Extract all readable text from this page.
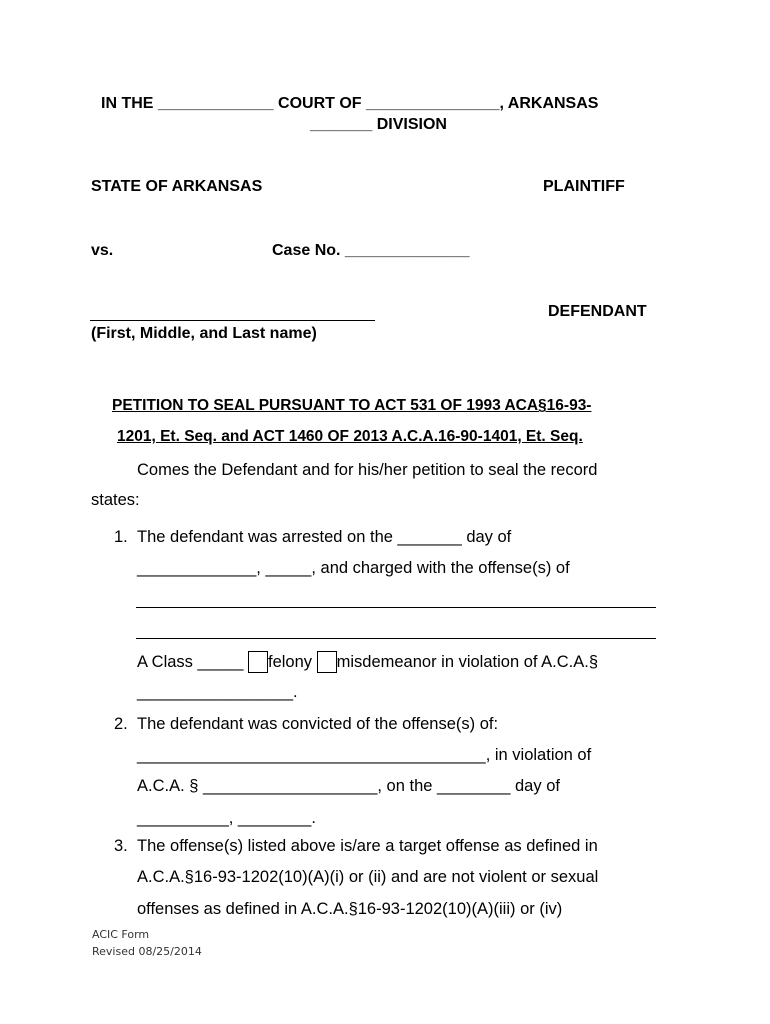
IN THE _____________ COURT OF _______________, ARKANSAS
_______ DIVISION
STATE OF ARKANSAS	PLAINTIFF
vs.	Case No. ______________
DEFENDANT
(First, Middle, and Last name)
PETITION TO SEAL PURSUANT TO ACT 531 OF 1993 ACA§16-93-
1201, Et. Seq. and ACT 1460 OF 2013 A.C.A.16-90-1401, Et. Seq.
Comes the Defendant and for his/her petition to seal the record
states:
1. The defendant was arrested on the _______ day of
_____________, _____, and charged with the offense(s) of
A Class _____ felony misdemeanor in violation of A.C.A.§
_________________.
2. The defendant was convicted of the offense(s) of:
______________________________________, in violation of
A.C.A. § ___________________, on the ________ day of
__________, ________.
3. The offense(s) listed above is/are a target offense as defined in
A.C.A.§16-93-1202(10)(A)(i) or (ii) and are not violent or sexual
offenses as defined in A.C.A.§16-93-1202(10)(A)(iii) or (iv)
ACIC Form
Revised 08/25/2014
